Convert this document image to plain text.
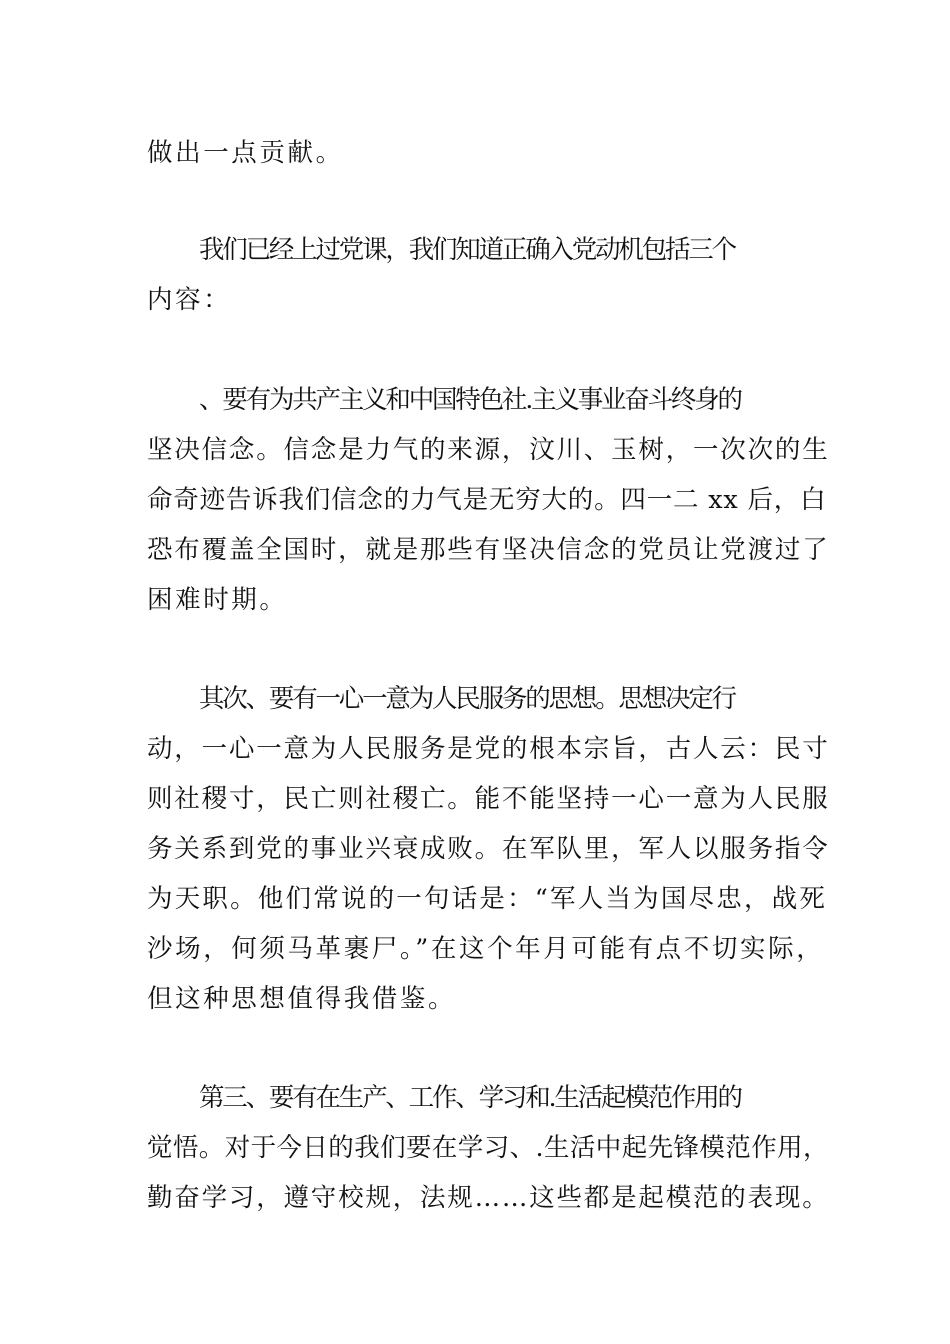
做出一点贡献。
我们已经上过党课，我们知道正确入党动机包括三个
内容：
、要有为共产主义和中国特色社.主义事业奋斗终身的
坚决信念。信念是力气的来源，汶川、玉树，一次次的生
命奇迹告诉我们信念的力气是无穷大的。四一二 xx 后，白
恐布覆盖全国时，就是那些有坚决信念的党员让党渡过了
困难时期。
其次、要有一心一意为人民服务的思想。思想决定行
动，一心一意为人民服务是党的根本宗旨，古人云：民寸
则社稷寸，民亡则社稷亡。能不能坚持一心一意为人民服
务关系到党的事业兴衰成败。在军队里，军人以服务指令
为天职。他们常说的一句话是：“军人当为国尽忠，战死
沙场，何须马革裹尸。”在这个年月可能有点不切实际，
但这种思想值得我借鉴。
第三、要有在生产、工作、学习和.生活起模范作用的
觉悟。对于今日的我们要在学习、.生活中起先锋模范作用，
勤奋学习，遵守校规，法规……这些都是起模范的表现。
